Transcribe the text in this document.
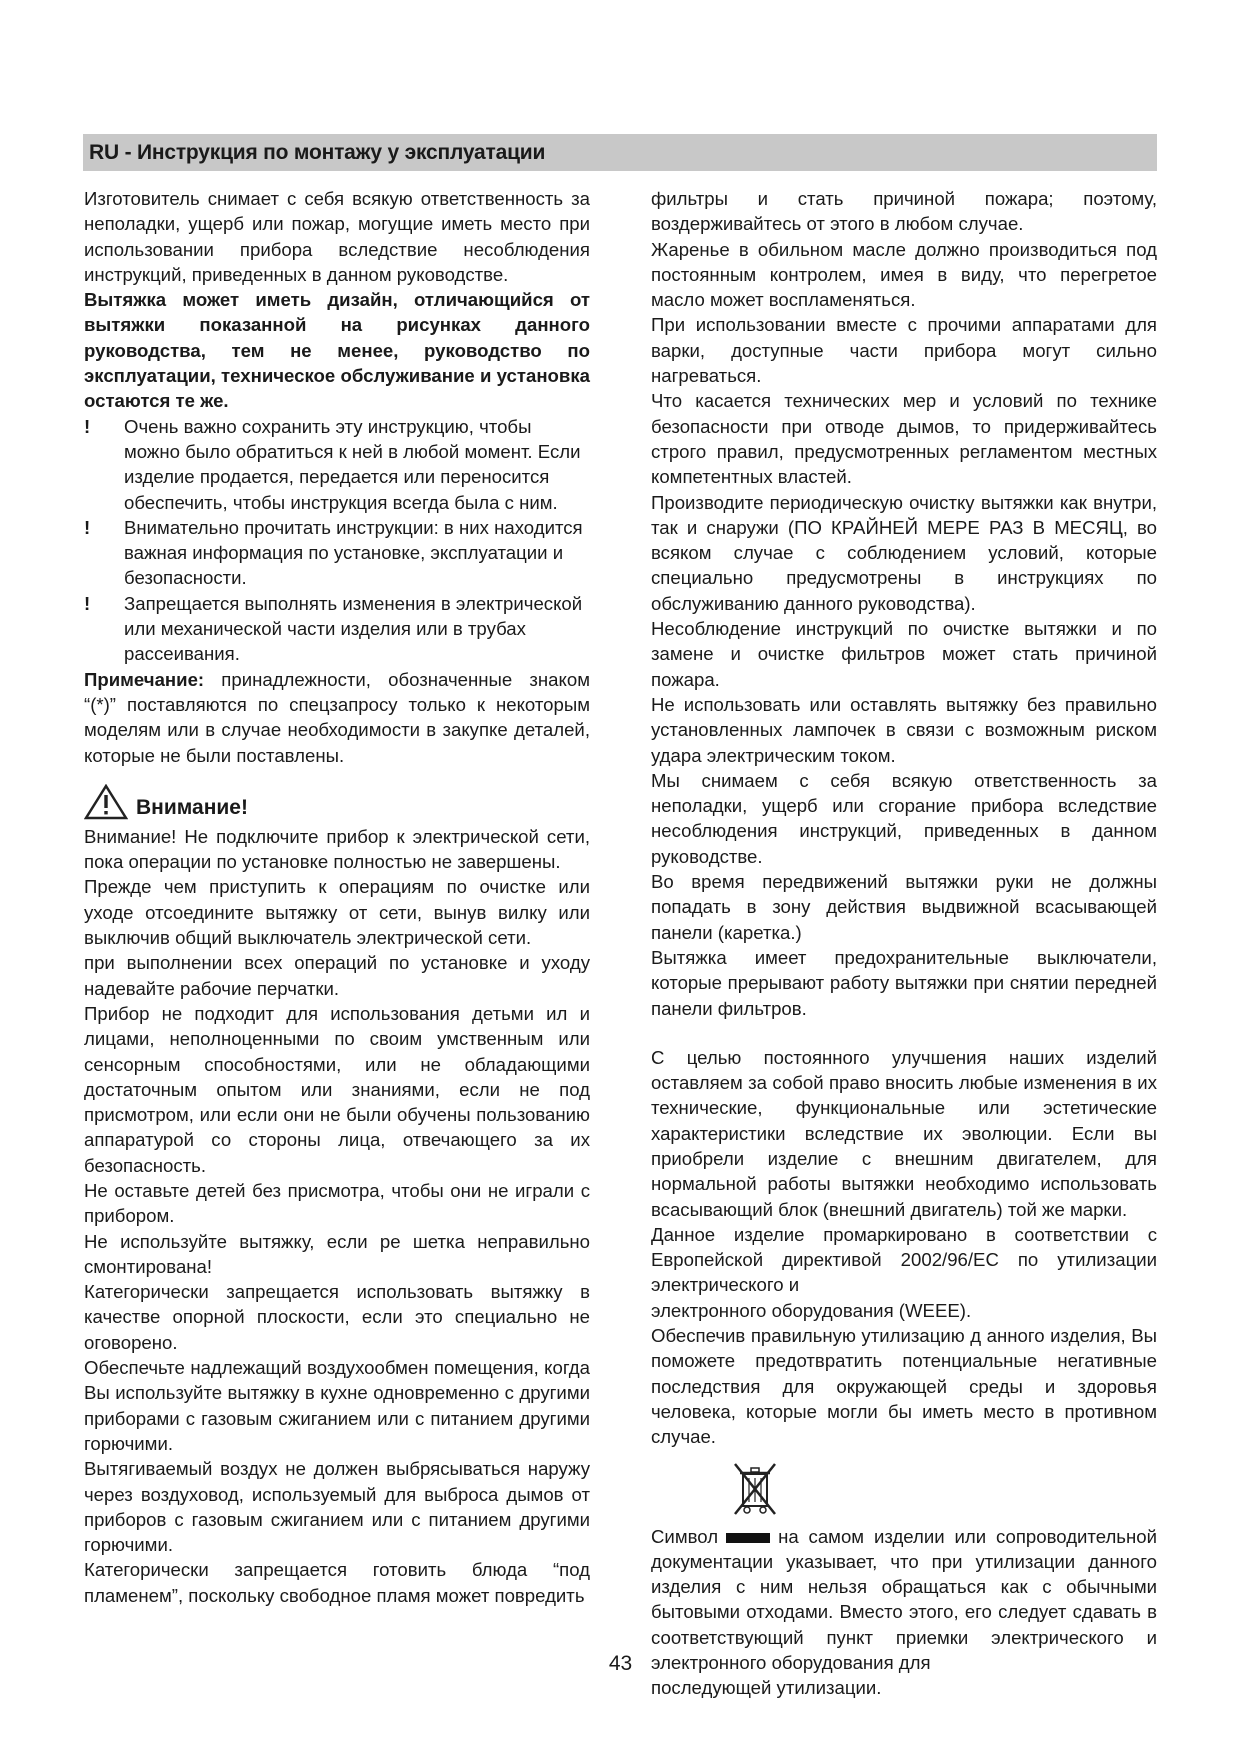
RU - Инструкция по монтажу у эксплуатации

Изготовитель снимает с себя всякую ответственность за неполадки, ущерб или пожар, могущие иметь место при использовании прибора вследствие несоблюдения инструкций, приведенных в данном руководстве.

Вытяжка может иметь дизайн, отличающийся от вытяжки показанной на рисунках данного руководства, тем не менее, руководство по эксплуатации, техническое обслуживание и установка остаются те же.

! Очень важно сохранить эту инструкцию, чтобы можно было обратиться к ней в любой момент. Если изделие продается, передается или переносится обеспечить, чтобы инструкция всегда была с ним.
! Внимательно прочитать инструкции: в них находится важная информация по установке, эксплуатации и безопасности.
! Запрещается выполнять изменения в электрической или механической части изделия или в трубах рассеивания.

Примечание: принадлежности, обозначенные знаком “(*)” поставляются по спецзапросу только к некоторым моделям или в случае необходимости в закупке деталей, которые не были поставлены.

Внимание!

Внимание! Не подключите прибор к электрической сети, пока операции по установке полностью не завершены.

Прежде чем приступить к операциям по очистке или уходе отсоедините вытяжку от сети, вынув вилку или выключив общий выключатель электрической сети.

при выполнении всех операций по установке и уходу надевайте рабочие перчатки.

Прибор не подходит для использования детьми ил и лицами, неполноценными по своим умственным или сенсорным способностями, или не обладающими достаточным опытом или знаниями, если не под присмотром, или если они не были обучены пользованию аппаратурой со стороны лица, отвечающего за их безопасность.

Не оставьте детей без присмотра, чтобы они не играли с прибором.

Не используйте вытяжку, если ре шетка неправильно смонтирована!

Категорически запрещается использовать вытяжку в качестве опорной плоскости, если это специально не оговорено.

Обеспечьте надлежащий воздухообмен помещения, когда Вы используйте вытяжку в кухне одновременно с другими приборами с газовым сжиганием или с питанием другими горючими.

Вытягиваемый воздух не должен выбрясываться наружу через воздуховод, используемый для выброса дымов от приборов с газовым сжиганием или с питанием другими горючими.

Категорически запрещается готовить блюда “под пламенем”, поскольку свободное пламя может повредить

фильтры и стать причиной пожара; поэтому, воздерживайтесь от этого в любом случае.

Жаренье в обильном масле должно производиться под постоянным контролем, имея в виду, что перегретое масло может воспламеняться.

При использовании вместе с прочими аппаратами для варки, доступные части прибора могут сильно нагреваться.

Что касается технических мер и условий по технике безопасности при отводе дымов, то придерживайтесь строго правил, предусмотренных регламентом местных компетентных властей.

Производите периодическую очистку вытяжки как внутри, так и снаружи (ПО КРАЙНЕЙ МЕРЕ РАЗ В МЕСЯЦ, во всяком случае с соблюдением условий, которые специально предусмотрены в инструкциях по обслуживанию данного руководства).

Несоблюдение инструкций по очистке вытяжки и по замене и очистке фильтров может стать причиной пожара.

Не использовать или оставлять вытяжку без правильно установленных лампочек в связи с возможным риском удара электрическим током.

Мы снимаем с себя всякую ответственность за неполадки, ущерб или сгорание прибора вследствие несоблюдения инструкций, приведенных в данном руководстве.

Во время передвижений вытяжки руки не должны попадать в зону действия выдвижной всасывающей панели (каретка.)

Вытяжка имеет предохранительные выключатели, которые прерывают работу вытяжки при снятии передней панели фильтров.

С целью постоянного улучшения наших изделий оставляем за собой право вносить любые изменения в их технические, функциональные или эстетические характеристики вследствие их эволюции. Если вы приобрели изделие с внешним двигателем, для нормальной работы вытяжки необходимо использовать всасывающий блок (внешний двигатель) той же марки.

Данное изделие промаркировано в соответствии с Европейской директивой 2002/96/ЕС по утилизации электрического и

электронного оборудования (WEEE).

Обеспечив правильную утилизацию д анного изделия, Вы поможете предотвратить потенциальные негативные последствия для окружающей среды и здоровья человека, которые могли бы иметь место в противном случае.

Символ	на самом изделии или сопроводительной документации указывает, что при утилизации данного изделия с ним нельзя обращаться как с обычными бытовыми отходами. Вместо этого, его следует сдавать в соответствующий пункт приемки электрического и электронного оборудования для

последующей утилизации.

43
